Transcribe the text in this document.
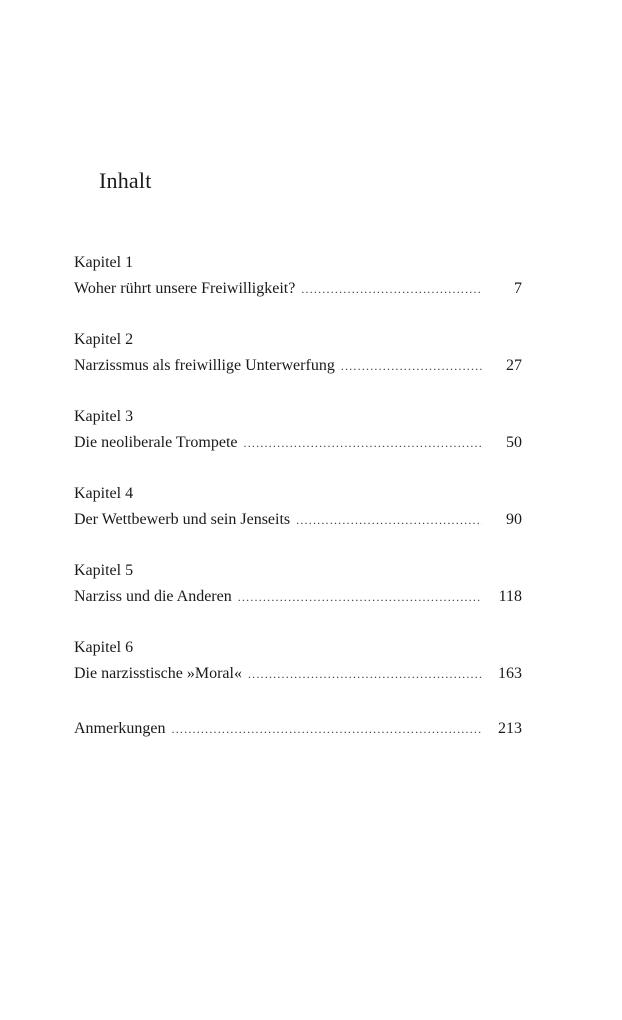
Inhalt
Kapitel 1
Woher rührt unsere Freiwilligkeit? .....	7
Kapitel 2
Narzissmus als freiwillige Unterwerfung .....	27
Kapitel 3
Die neoliberale Trompete .....	50
Kapitel 4
Der Wettbewerb und sein Jenseits .....	90
Kapitel 5
Narziss und die Anderen .....	118
Kapitel 6
Die narzisstische »Moral« .....	163
Anmerkungen .....	213
